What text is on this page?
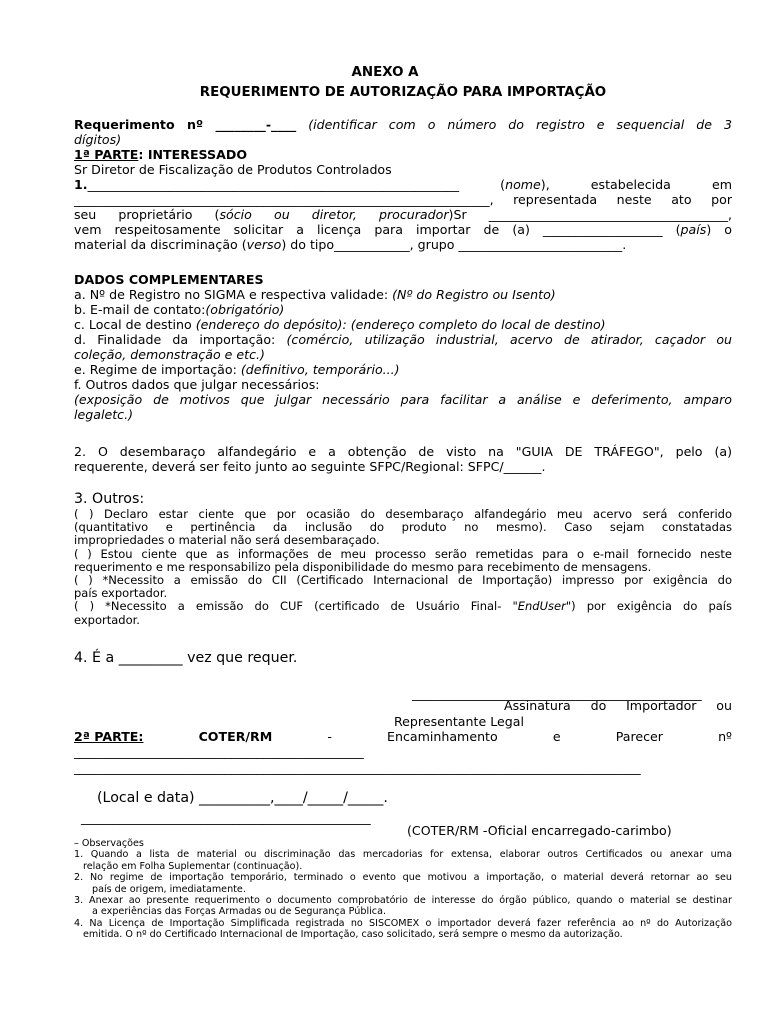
ANEXO A
REQUERIMENTO DE AUTORIZAÇÃO PARA IMPORTAÇÃO
Requerimento nº ________-____ (identificar com o número do registro e sequencial de 3
dígitos)
1ª PARTE: INTERESSADO
Sr Diretor de Fiscalização de Produtos Controlados
1.___________________________________________________________	(nome), estabelecida em
__________________________________________________________________, representada neste ato por
seu proprietário (sócio ou diretor, procurador)Sr ______________________________________,
vem respeitosamente solicitar a licença para importar de (a) ___________________ (país) o
material da discriminação (verso) do tipo____________, grupo __________________________.
DADOS COMPLEMENTARES
a. Nº de Registro no SIGMA e respectiva validade: (Nº do Registro ou Isento)
b. E-mail de contato:(obrigatório)
c. Local de destino (endereço do depósito): (endereço completo do local de destino)
d. Finalidade da importação: (comércio, utilização industrial, acervo de atirador, caçador ou
coleção, demonstração e etc.)
e. Regime de importação: (definitivo, temporário...)
f. Outros dados que julgar necessários:
(exposição de motivos que julgar necessário para facilitar a análise e deferimento, amparo
legaletc.)
2. O desembaraço alfandegário e a obtenção de visto na "GUIA DE TRÁFEGO", pelo (a)
requerente, deverá ser feito junto ao seguinte SFPC/Regional: SFPC/______.
3. Outros:
( ) Declaro estar ciente que por ocasião do desembaraço alfandegário meu acervo será conferido
(quantitativo e pertinência da inclusão do produto no mesmo). Caso sejam constatadas
impropriedades o material não será desembaraçado.
( ) Estou ciente que as informações de meu processo serão remetidas para o e-mail fornecido neste
requerimento e me responsabilizo pela disponibilidade do mesmo para recebimento de mensagens.
( ) *Necessito a emissão do CII (Certificado Internacional de Importação) impresso por exigência do
país exportador.
( ) *Necessito a emissão do CUF (certificado de Usuário Final- "EndUser") por exigência do país
exportador.
4. É a _________ vez que requer.
______________________________________________
Assinatura do Importador ou
Representante Legal
2ª PARTE:	COTER/RM	-	Encaminhamento	e	Parecer	nº
______________________________________________
__________________________________________________________________________________________
(Local e data) __________,____/_____/_____.
______________________________________________
(COTER/RM -Oficial encarregado-carimbo)
– Observações
1. Quando a lista de material ou discriminação das mercadorias for extensa, elaborar outros Certificados ou anexar uma
relação em Folha Suplementar (continuação).
2. No regime de importação temporário, terminado o evento que motivou a importação, o material deverá retornar ao seu
país de origem, imediatamente.
3. Anexar ao presente requerimento o documento comprobatório de interesse do órgão público, quando o material se destinar
a experiências das Forças Armadas ou de Segurança Pública.
4. Na Licença de Importação Simplificada registrada no SISCOMEX o importador deverá fazer referência ao nº do Autorização
emitida. O nº do Certificado Internacional de Importação, caso solicitado, será sempre o mesmo da autorização.
